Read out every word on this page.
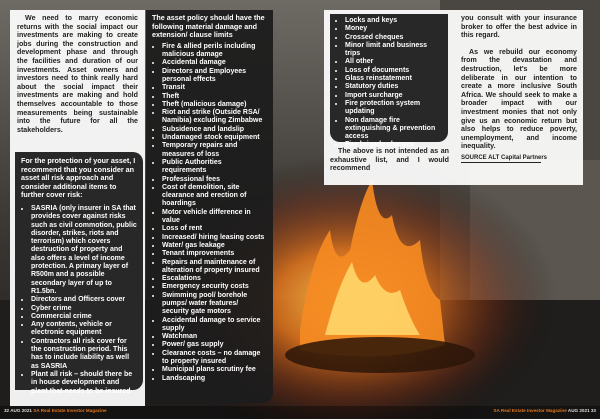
We need to marry economic returns with the social impact our investments are making to create jobs during the construction and development phase and through the facilities and duration of our investments. Asset owners and investors need to think really hard about the social impact their investments are making and hold themselves accountable to those measurements being sustainable into the future for all the stakeholders.

For the protection of your asset, I recommend that you consider an asset all risk approach and consider additional items to further cover risk:

• SASRIA (only insurer in SA that provides cover against risks such as civil commotion, public disorder, strikes, riots and terrorism) which covers destruction of property and also offers a level of income protection. A primary layer of R500m and a possible secondary layer of up to R1.5bn.
• Directors and Officers cover
• Cyber crime
• Commercial crime
• Any contents, vehicle or electronic equipment
• Contractors all risk cover for the construction period. This has to include liability as well as SASRIA
• Plant all risk – should there be in house development and plant that needs to be insured

The asset policy should have the following material damage and extension/ clause limits

• Fire & allied perils including malicious damage
• Accidental damage
• Directors and Employees personal effects
• Transit
• Theft
• Theft (malicious damage)
• Riot and strike (Outside RSA/ Namibia) excluding Zimbabwe
• Subsidence and landslip
• Undamaged stock equipment
• Temporary repairs and measures of loss
• Public Authorities requirements
• Professional fees
• Cost of demolition, site clearance and erection of hoardings
• Motor vehicle difference in value
• Loss of rent
• Increased/ hiring leasing costs
• Water/ gas leakage
• Tenant improvements
• Repairs and maintenance of alteration of property insured
• Escalations
• Emergency security costs
• Swimming pool/ borehole pumps/ water features/ security gate motors
• Accidental damage to service supply
• Watchman
• Power/ gas supply
• Clearance costs – no damage to property insured
• Municipal plans scrutiny fee
• Landscaping
• Locks and keys
• Money
• Crossed cheques
• Minor limit and business trips
• All other
• Loss of documents
• Glass reinstatement
• Statutory duties
• Import surcharge
• Fire protection system updating
• Non damage fire extinguishing & prevention access
• Fire brigade charges

The above is not intended as an exhaustive list, and I would recommend

you consult with your insurance broker to offer the best advice in this regard.

As we rebuild our economy from the devastation and destruction, let's be more deliberate in our intention to create a more inclusive South Africa. We should seek to make a broader impact with our investment monies that not only give us an economic return but also helps to reduce poverty, unemployment, and income inequality.

SOURCE ALT Capital Partners
32 AUG 2021 SA Real Estate Investor Magazine	SA Real Estate Investor Magazine AUG 2021 33
